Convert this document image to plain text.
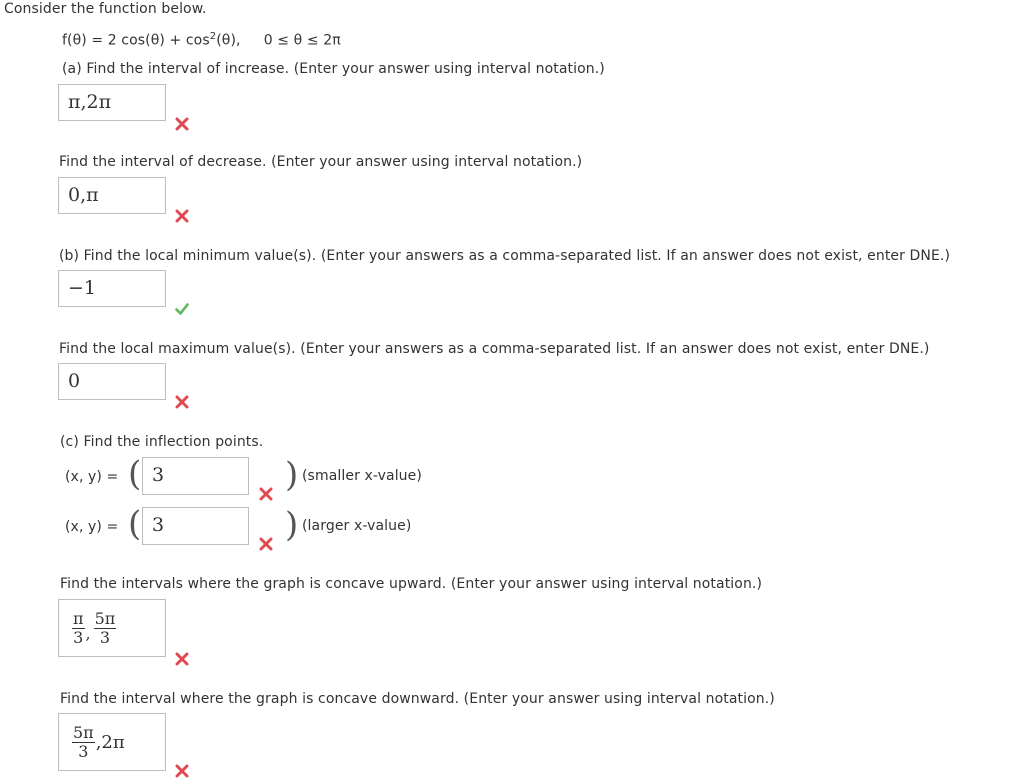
Consider the function below.
f(θ) = 2 $\cos(\theta) + \cos^2(\theta)$, 0 ≤ θ ≤ 2π
(a) Find the interval of increase. (Enter your answer using interval notation.)
π,2π
Find the interval of decrease. (Enter your answer using interval notation.)
0,π
(b) Find the local minimum value(s). (Enter your answers as a comma-separated list. If an answer does not exist, enter DNE.)
−1
Find the local maximum value(s). (Enter your answers as a comma-separated list. If an answer does not exist, enter DNE.)
0
(c) Find the inflection points.
(x, y) = ( 3	) (smaller x-value)
(x, y) = ( 3	) (larger x-value)
Find the intervals where the graph is concave upward. (Enter your answer using interval notation.)
$\frac{\pi}{3}$ , $\frac{5\pi}{3}$
Find the interval where the graph is concave downward. (Enter your answer using interval notation.)
$\frac{5\pi}{3} ,2\pi$
